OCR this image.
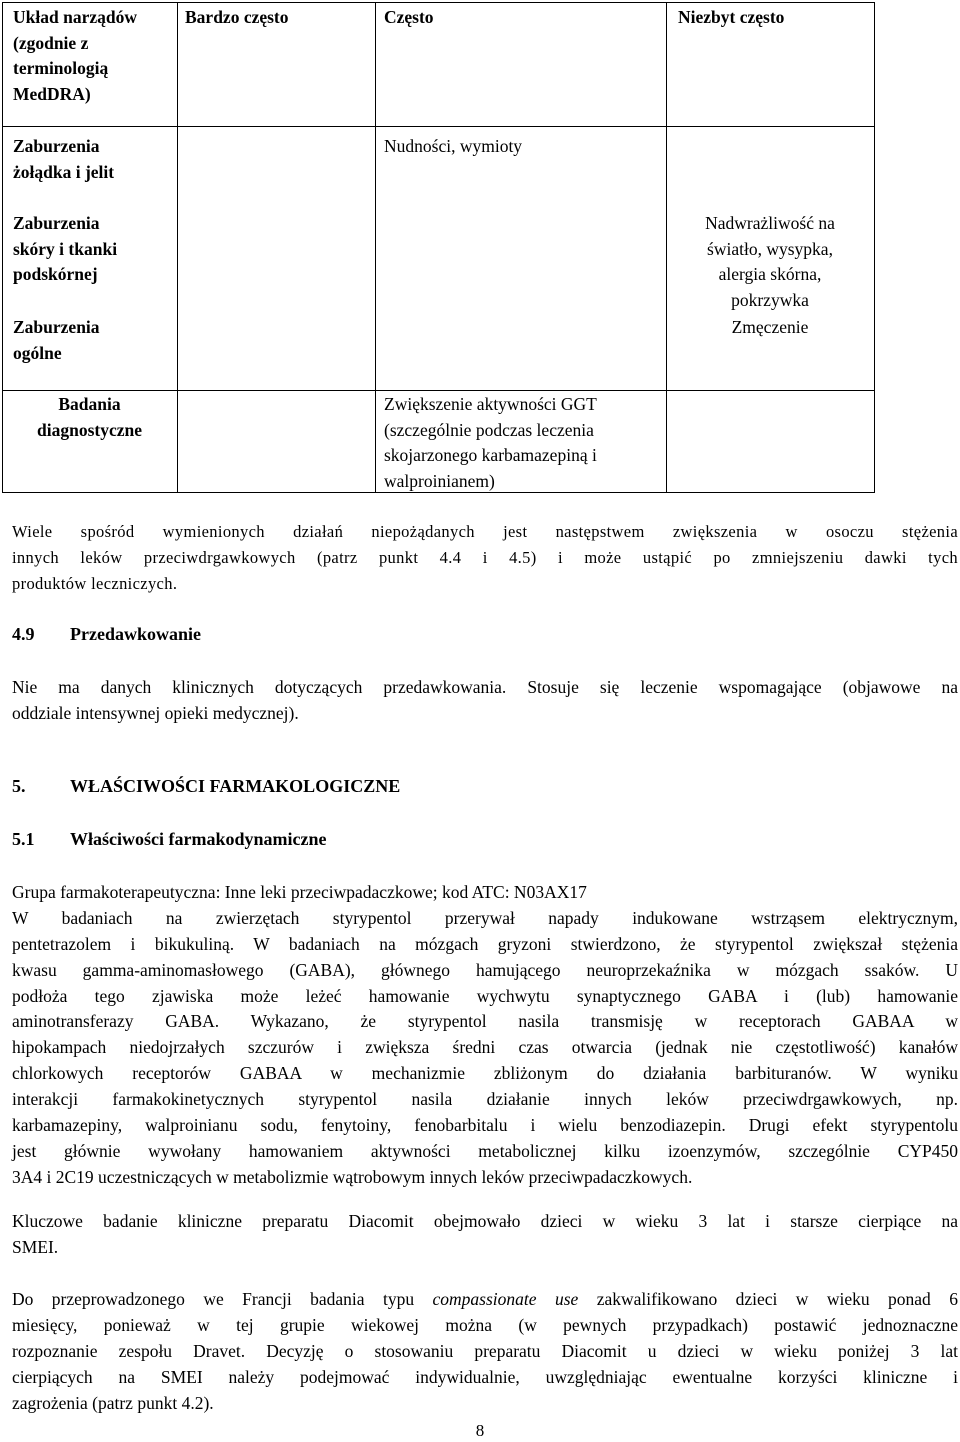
Układ narządów
(zgodnie z
terminologią
MedDRA)
Bardzo często	Często	Niezbyt często
Zaburzenia
żołądka i jelit
Nudności, wymioty
Zaburzenia
skóry i tkanki
podskórnej
Nadwrażliwość na
światło, wysypka,
alergia skórna,
pokrzywka
Zaburzenia
ogólne
Zmęczenie
Badania
diagnostyczne
Zwiększenie aktywności GGT
(szczególnie podczas leczenia
skojarzonego karbamazepiną i
walproinianem)
Wiele spośród wymienionych działań niepożądanych jest następstwem zwiększenia w osoczu stężenia
innych leków przeciwdrgawkowych (patrz punkt 4.4 i 4.5) i może ustąpić po zmniejszeniu dawki tych
produktów leczniczych.
4.9 Przedawkowanie
Nie ma danych klinicznych dotyczących przedawkowania. Stosuje się leczenie wspomagające (objawowe na
oddziale intensywnej opieki medycznej).
5. WŁAŚCIWOŚCI FARMAKOLOGICZNE
5.1 Właściwości farmakodynamiczne
Grupa farmakoterapeutyczna: Inne leki przeciwpadaczkowe; kod ATC: N03AX17
W badaniach na zwierzętach styrypentol przerywał napady indukowane wstrząsem elektrycznym,
pentetrazolem i bikukuliną. W badaniach na mózgach gryzoni stwierdzono, że styrypentol zwiększał stężenia
kwasu gamma-aminomasłowego (GABA), głównego hamującego neuroprzekaźnika w mózgach ssaków. U
podłoża tego zjawiska może leżeć hamowanie wychwytu synaptycznego GABA i (lub) hamowanie
aminotransferazy GABA. Wykazano, że styrypentol nasila transmisję w receptorach GABAA w
hipokampach niedojrzałych szczurów i zwiększa średni czas otwarcia (jednak nie częstotliwość) kanałów
chlorkowych receptorów GABAA w mechanizmie zbliżonym do działania barbituranów. W wyniku
interakcji farmakokinetycznych styrypentol nasila działanie innych leków przeciwdrgawkowych, np.
karbamazepiny, walproinianu sodu, fenytoiny, fenobarbitalu i wielu benzodiazepin. Drugi efekt styrypentolu
jest głównie wywołany hamowaniem aktywności metabolicznej kilku izoenzymów, szczególnie CYP450
3A4 i 2C19 uczestniczących w metabolizmie wątrobowym innych leków przeciwpadaczkowych.
Kluczowe badanie kliniczne preparatu Diacomit obejmowało dzieci w wieku 3 lat i starsze cierpiące na
SMEI.
Do przeprowadzonego we Francji badania typu compassionate use zakwalifikowano dzieci w wieku ponad 6
miesięcy, ponieważ w tej grupie wiekowej można (w pewnych przypadkach) postawić jednoznaczne
rozpoznanie zespołu Dravet. Decyzję o stosowaniu preparatu Diacomit u dzieci w wieku poniżej 3 lat
cierpiących na SMEI należy podejmować indywidualnie, uwzględniając ewentualne korzyści kliniczne i
zagrożenia (patrz punkt 4.2).
8
